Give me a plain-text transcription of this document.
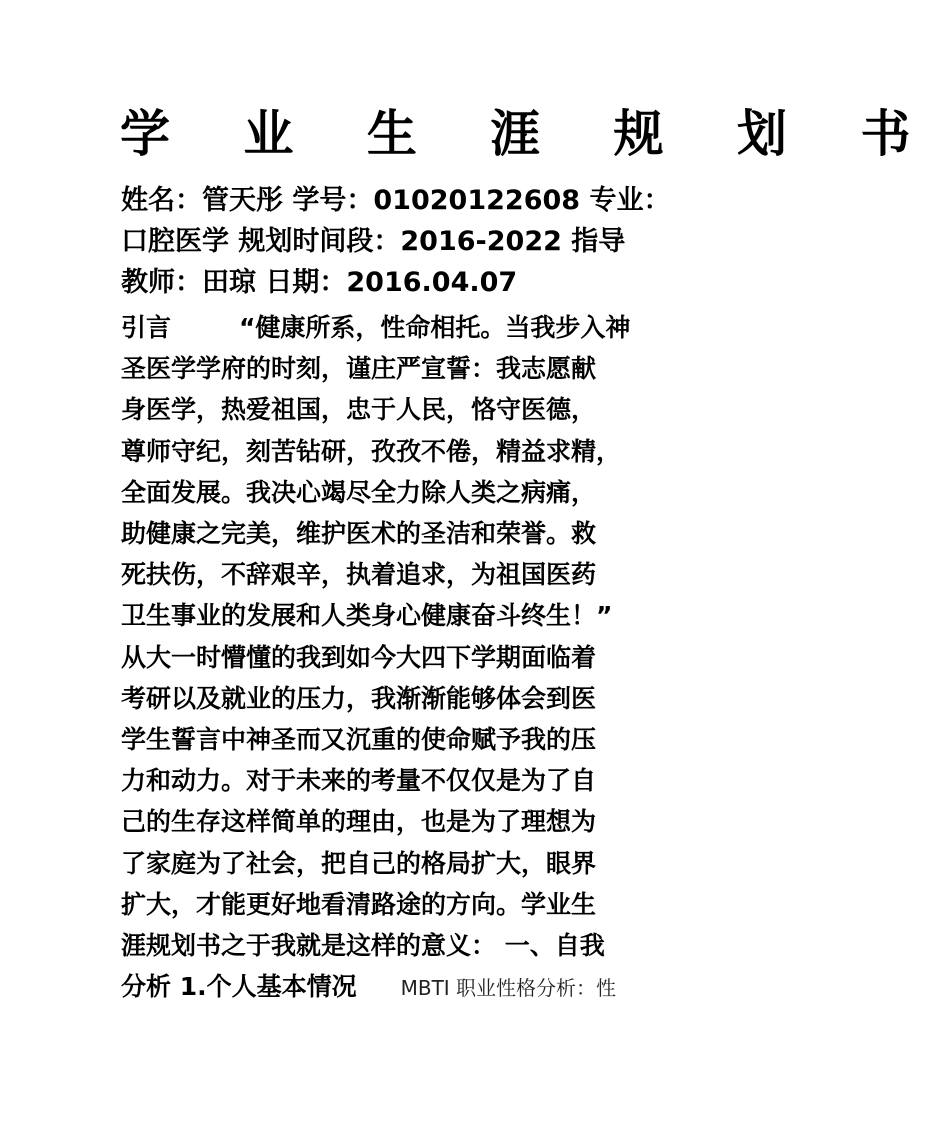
学 业 生 涯 规 划 书
姓名：管天彤 学号：01020122608 专业：
口腔医学 规划时间段：2016-2022 指导
教师：田琼 日期：2016.04.07
引言	“健康所系，性命相托。当我步入神
圣医学学府的时刻，谨庄严宣誓：我志愿献
身医学，热爱祖国，忠于人民，恪守医德，
尊师守纪，刻苦钻研，孜孜不倦，精益求精，
全面发展。我决心竭尽全力除人类之病痛，
助健康之完美，维护医术的圣洁和荣誉。救
死扶伤，不辞艰辛，执着追求，为祖国医药
卫生事业的发展和人类身心健康奋斗终生！”
从大一时懵懂的我到如今大四下学期面临着
考研以及就业的压力，我渐渐能够体会到医
学生誓言中神圣而又沉重的使命赋予我的压
力和动力。对于未来的考量不仅仅是为了自
己的生存这样简单的理由，也是为了理想为
了家庭为了社会，把自己的格局扩大，眼界
扩大，才能更好地看清路途的方向。学业生
涯规划书之于我就是这样的意义： 一、自我
分析 1.个人基本情况 MBTI 职业性格分析：性
